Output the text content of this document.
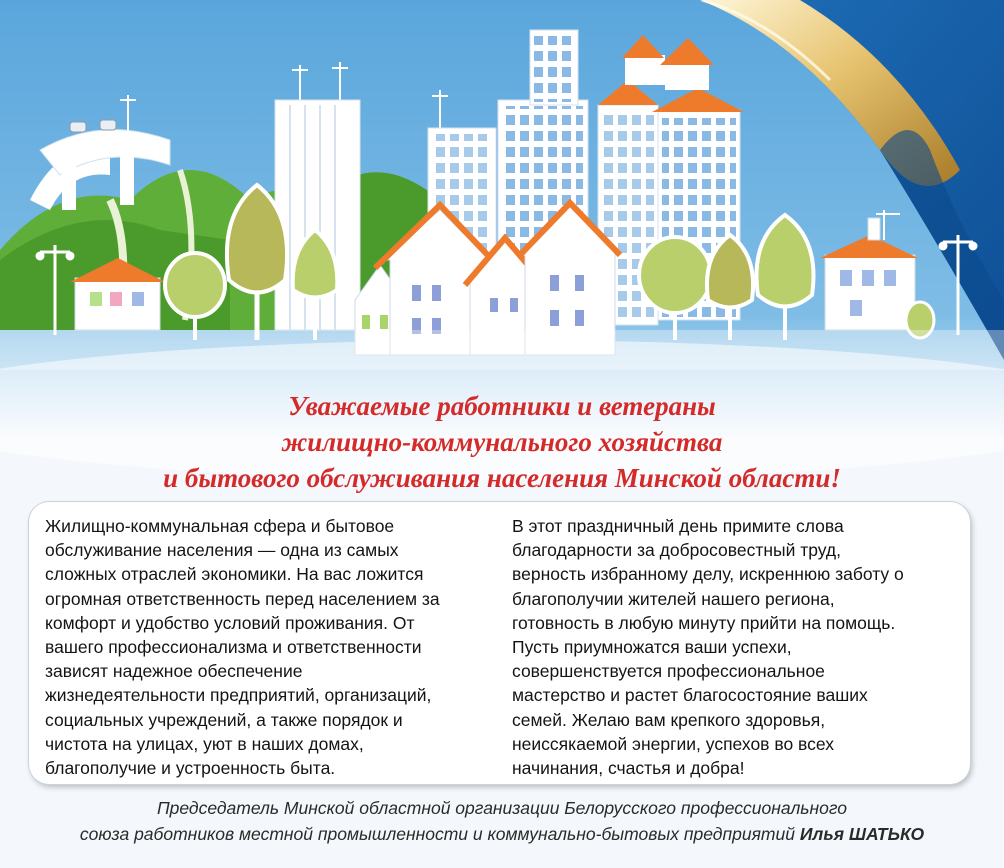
Уважаемые работники и ветераны
жилищно-коммунального хозяйства
и бытового обслуживания населения Минской области!
Жилищно-коммунальная сфера и бытовое
обслуживание населения — одна из самых
сложных отраслей экономики. На вас ложится
огромная ответственность перед населением за
комфорт и удобство условий проживания. От
вашего профессионализма и ответственности
зависят надежное обеспечение
жизнедеятельности предприятий, организаций,
социальных учреждений, а также порядок и
чистота на улицах, уют в наших домах,
благополучие и устроенность быта.
В этот праздничный день примите слова
благодарности за добросовестный труд,
верность избранному делу, искреннюю заботу о
благополучии жителей нашего региона,
готовность в любую минуту прийти на помощь.
Пусть приумножатся ваши успехи,
совершенствуется профессиональное
мастерство и растет благосостояние ваших
семей. Желаю вам крепкого здоровья,
неиссякаемой энергии, успехов во всех
начинания, счастья и добра!
Председатель Минской областной организации Белорусского профессионального
союза работников местной промышленности и коммунально-бытовых предприятий Илья ШАТЬКО
